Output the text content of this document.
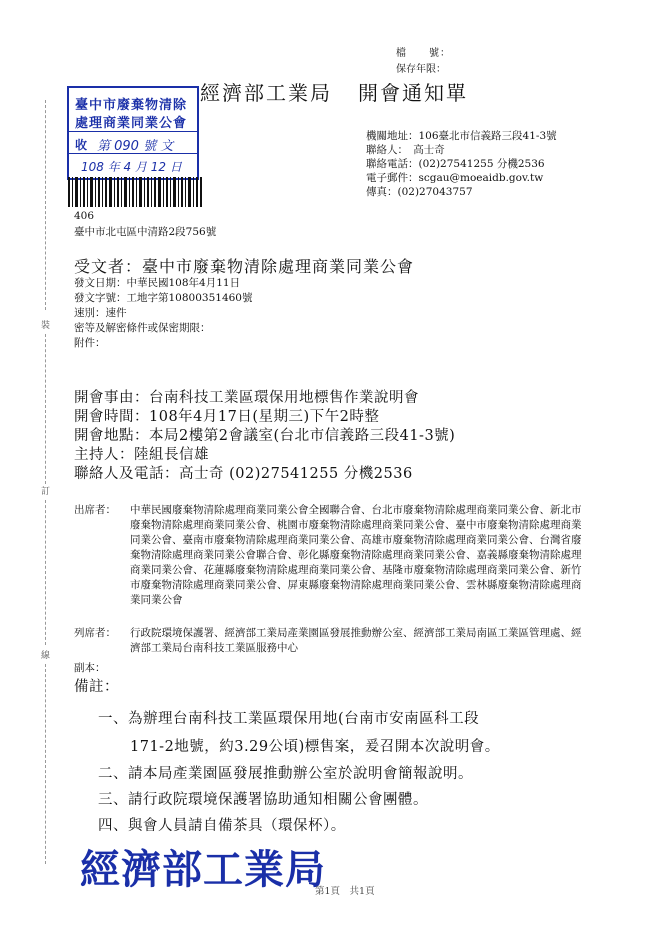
裝
訂
線
檔　　號：
保存年限：
經濟部工業局 開會通知單
臺中市廢棄物清除
處理商業同業公會
收 第 090 號 文
108 年 4 月 12 日
機關地址：106臺北市信義路三段41-3號
聯絡人：　高士奇
聯絡電話：(02)27541255 分機2536
電子郵件：scgau@moeaidb.gov.tw
傳真：(02)27043757
406
臺中市北屯區中清路2段756號
受文者：臺中市廢棄物清除處理商業同業公會
發文日期：中華民國108年4月11日
發文字號：工地字第10800351460號
速別：速件
密等及解密條件或保密期限：
附件：
開會事由：台南科技工業區環保用地標售作業說明會
開會時間：108年4月17日(星期三)下午2時整
開會地點：本局2樓第2會議室(台北市信義路三段41-3號)
主持人：陸組長信雄
聯絡人及電話：高士奇 (02)27541255 分機2536
出席者： 中華民國廢棄物清除處理商業同業公會全國聯合會、台北市廢棄物清除處理商業同業公會、新北市廢棄物清除處理商業同業公會、桃園市廢棄物清除處理商業同業公會、臺中市廢棄物清除處理商業同業公會、臺南市廢棄物清除處理商業同業公會、高雄市廢棄物清除處理商業同業公會、台灣省廢棄物清除處理商業同業公會聯合會、彰化縣廢棄物清除處理商業同業公會、嘉義縣廢棄物清除處理商業同業公會、花蓮縣廢棄物清除處理商業同業公會、基隆市廢棄物清除處理商業同業公會、新竹市廢棄物清除處理商業同業公會、屏東縣廢棄物清除處理商業同業公會、雲林縣廢棄物清除處理商業同業公會
列席者： 行政院環境保護署、經濟部工業局產業園區發展推動辦公室、經濟部工業局南區工業區管理處、經濟部工業局台南科技工業區服務中心
副本：
備註：
一、為辦理台南科技工業區環保用地(台南市安南區科工段
171-2地號，約3.29公頃)標售案，爰召開本次說明會。
二、請本局產業園區發展推動辦公室於說明會簡報說明。
三、請行政院環境保護署協助通知相關公會團體。
四、與會人員請自備茶具（環保杯）。
經濟部工業局
第1頁　共1頁
